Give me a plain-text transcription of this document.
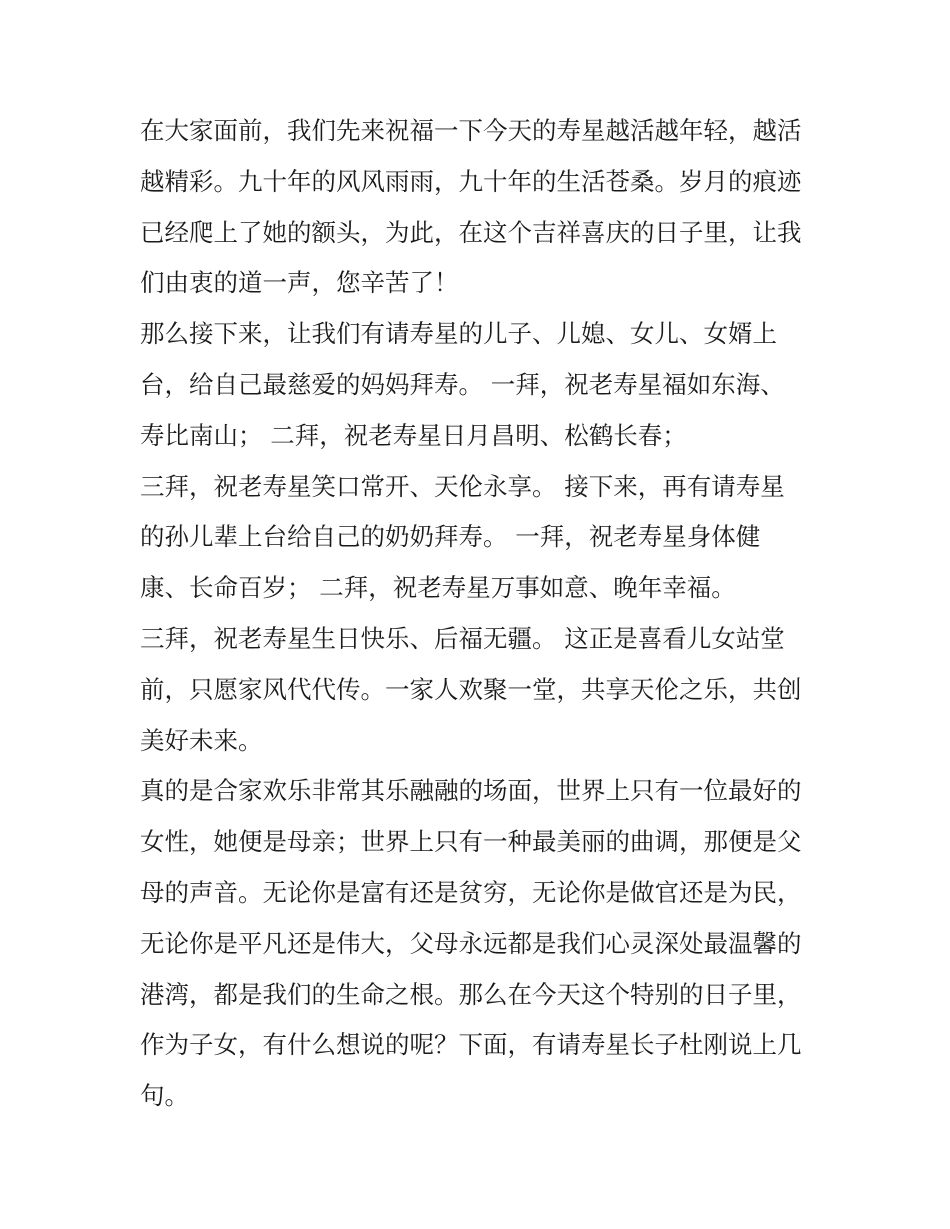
在大家面前，我们先来祝福一下今天的寿星越活越年轻，越活
越精彩。九十年的风风雨雨，九十年的生活苍桑。岁月的痕迹
已经爬上了她的额头，为此，在这个吉祥喜庆的日子里，让我
们由衷的道一声，您辛苦了！
那么接下来，让我们有请寿星的儿子、儿媳、女儿、女婿上
台，给自己最慈爱的妈妈拜寿。 一拜，祝老寿星福如东海、
寿比南山； 二拜，祝老寿星日月昌明、松鹤长春；
三拜，祝老寿星笑口常开、天伦永享。 接下来，再有请寿星
的孙儿辈上台给自己的奶奶拜寿。 一拜，祝老寿星身体健
康、长命百岁； 二拜，祝老寿星万事如意、晚年幸福。
三拜，祝老寿星生日快乐、后福无疆。 这正是喜看儿女站堂
前，只愿家风代代传。一家人欢聚一堂，共享天伦之乐，共创
美好未来。
真的是合家欢乐非常其乐融融的场面，世界上只有一位最好的
女性，她便是母亲；世界上只有一种最美丽的曲调，那便是父
母的声音。无论你是富有还是贫穷，无论你是做官还是为民，
无论你是平凡还是伟大，父母永远都是我们心灵深处最温馨的
港湾，都是我们的生命之根。那么在今天这个特别的日子里，
作为子女，有什么想说的呢？下面，有请寿星长子杜刚说上几
句。
